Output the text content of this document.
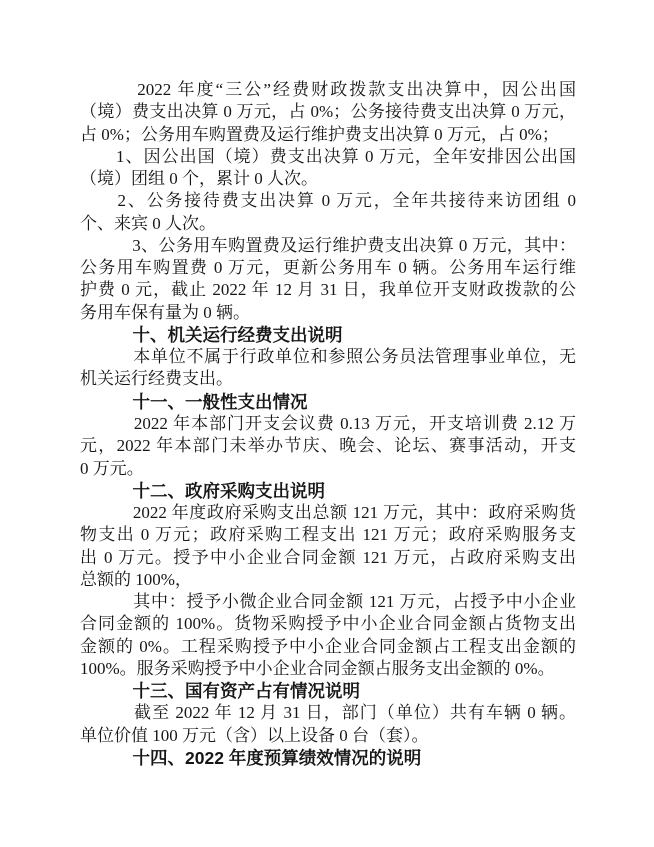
　　　2022 年度“三公”经费财政拨款支出决算中，因公出国
（境）费支出决算 0 万元，占 0%；公务接待费支出决算 0 万元，
占 0%；公务用车购置费及运行维护费支出决算 0 万元，占 0%；
　　1、因公出国（境）费支出决算 0 万元，全年安排因公出国
（境）团组 0 个，累计 0 人次。
　　2、公务接待费支出决算 0 万元，全年共接待来访团组 0
个、来宾 0 人次。
　　　3、公务用车购置费及运行维护费支出决算 0 万元，其中：
公务用车购置费 0 万元，更新公务用车 0 辆。公务用车运行维
护费 0 元，截止 2022 年 12 月 31 日，我单位开支财政拨款的公
务用车保有量为 0 辆。
　　　十、机关运行经费支出说明
　　　本单位不属于行政单位和参照公务员法管理事业单位，无
机关运行经费支出。
　　　十一、一般性支出情况
　　　2022 年本部门开支会议费 0.13 万元，开支培训费 2.12 万
元，2022 年本部门未举办节庆、晚会、论坛、赛事活动，开支
0 万元。
　　　十二、政府采购支出说明
　　　2022 年度政府采购支出总额 121 万元，其中：政府采购货
物支出 0 万元；政府采购工程支出 121 万元；政府采购服务支
出 0 万元。授予中小企业合同金额 121 万元，占政府采购支出
总额的 100%，
　　　其中：授予小微企业合同金额 121 万元，占授予中小企业
合同金额的 100%。货物采购授予中小企业合同金额占货物支出
金额的 0%。工程采购授予中小企业合同金额占工程支出金额的
100%。服务采购授予中小企业合同金额占服务支出金额的 0%。
　　　十三、国有资产占有情况说明
　　　截至 2022 年 12 月 31 日，部门（单位）共有车辆 0 辆。
单位价值 100 万元（含）以上设备 0 台（套）。
　　　十四、2022 年度预算绩效情况的说明
